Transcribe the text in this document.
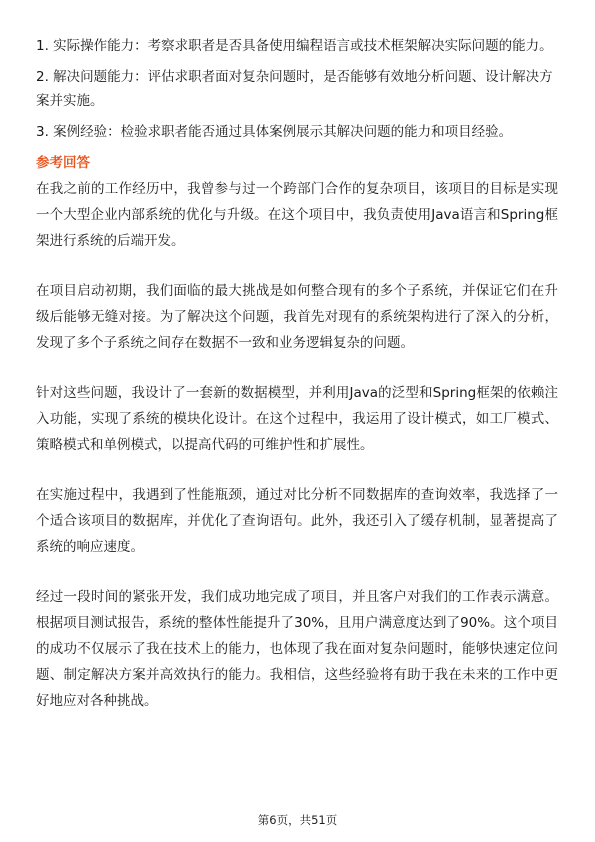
1. 实际操作能力：考察求职者是否具备使用编程语言或技术框架解决实际问题的能力。

2. 解决问题能力：评估求职者面对复杂问题时，是否能够有效地分析问题、设计解决方案并实施。

3. 案例经验：检验求职者能否通过具体案例展示其解决问题的能力和项目经验。

参考回答

在我之前的工作经历中，我曾参与过一个跨部门合作的复杂项目，该项目的目标是实现一个大型企业内部系统的优化与升级。在这个项目中，我负责使用Java语言和Spring框架进行系统的后端开发。

在项目启动初期，我们面临的最大挑战是如何整合现有的多个子系统，并保证它们在升级后能够无缝对接。为了解决这个问题，我首先对现有的系统架构进行了深入的分析，发现了多个子系统之间存在数据不一致和业务逻辑复杂的问题。

针对这些问题，我设计了一套新的数据模型，并利用Java的泛型和Spring框架的依赖注入功能，实现了系统的模块化设计。在这个过程中，我运用了设计模式，如工厂模式、策略模式和单例模式，以提高代码的可维护性和扩展性。

在实施过程中，我遇到了性能瓶颈，通过对比分析不同数据库的查询效率，我选择了一个适合该项目的数据库，并优化了查询语句。此外，我还引入了缓存机制，显著提高了系统的响应速度。

经过一段时间的紧张开发，我们成功地完成了项目，并且客户对我们的工作表示满意。根据项目测试报告，系统的整体性能提升了30%，且用户满意度达到了90%。这个项目的成功不仅展示了我在技术上的能力，也体现了我在面对复杂问题时，能够快速定位问题、制定解决方案并高效执行的能力。我相信，这些经验将有助于我在未来的工作中更好地应对各种挑战。

第6页，共51页
